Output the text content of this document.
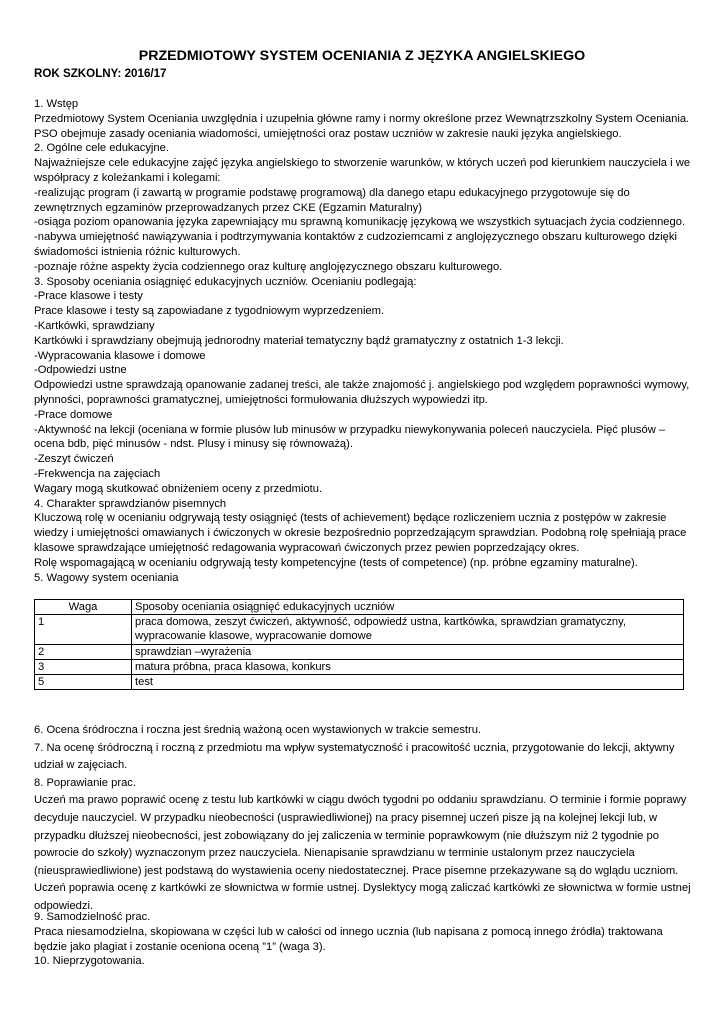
PRZEDMIOTOWY SYSTEM OCENIANIA Z JĘZYKA ANGIELSKIEGO
ROK SZKOLNY: 2016/17

1. Wstęp

Przedmiotowy System Oceniania uwzględnia i uzupełnia główne ramy i normy określone przez Wewnątrzszkolny System Oceniania. PSO obejmuje zasady oceniania wiadomości, umiejętności oraz postaw uczniów w zakresie nauki języka angielskiego.

2. Ogólne cele edukacyjne.

Najważniejsze cele edukacyjne zajęć języka angielskiego to stworzenie warunków, w których uczeń pod kierunkiem nauczyciela i we współpracy z koleżankami i kolegami:

-realizując program (i zawartą w programie podstawę programową) dla danego etapu edukacyjnego przygotowuje się do zewnętrznych egzaminów przeprowadzanych przez CKE (Egzamin Maturalny)

-osiąga poziom opanowania języka zapewniający mu sprawną komunikację językową we wszystkich sytuacjach życia codziennego.

-nabywa umiejętność nawiązywania i podtrzymywania kontaktów z cudzoziemcami z anglojęzycznego obszaru kulturowego dzięki świadomości istnienia różnic kulturowych.

-poznaje różne aspekty życia codziennego oraz kulturę anglojęzycznego obszaru kulturowego.

3. Sposoby oceniania osiągnięć edukacyjnych uczniów. Ocenianiu podlegają:

-Prace klasowe i testy

Prace klasowe i testy są zapowiadane z tygodniowym wyprzedzeniem.

-Kartkówki, sprawdziany

Kartkówki i sprawdziany obejmują jednorodny materiał tematyczny bądź gramatyczny z ostatnich 1-3 lekcji.

-Wypracowania klasowe i domowe

-Odpowiedzi ustne

Odpowiedzi ustne sprawdzają opanowanie zadanej treści, ale także znajomość j. angielskiego pod względem poprawności wymowy, płynności, poprawności gramatycznej, umiejętności formułowania dłuższych wypowiedzi itp.

-Prace domowe

-Aktywność na lekcji (oceniana w formie plusów lub minusów w przypadku niewykonywania poleceń nauczyciela. Pięć plusów – ocena bdb, pięć minusów - ndst. Plusy i minusy się równoważą).

-Zeszyt ćwiczeń

-Frekwencja na zajęciach

Wagary mogą skutkować obniżeniem oceny z przedmiotu.

4. Charakter sprawdzianów pisemnych

Kluczową rolę w ocenianiu odgrywają testy osiągnięć (tests of achievement) będące rozliczeniem ucznia z postępów w zakresie wiedzy i umiejętności omawianych i ćwiczonych w okresie bezpośrednio poprzedzającym sprawdzian. Podobną rolę spełniają prace klasowe sprawdzające umiejętność redagowania wypracowań ćwiczonych przez pewien poprzedzający okres.

Rolę wspomagającą w ocenianiu odgrywają testy kompetencyjne (tests of competence) (np. próbne egzaminy maturalne).

5. Wagowy system oceniania

Waga	Sposoby oceniania osiągnięć edukacyjnych uczniów
1	praca domowa, zeszyt ćwiczeń, aktywność, odpowiedź ustna, kartkówka, sprawdzian gramatyczny, wypracowanie klasowe, wypracowanie domowe
2	sprawdzian –wyrażenia
3	matura próbna, praca klasowa, konkurs
5	test

6. Ocena śródroczna i roczna jest średnią ważoną ocen wystawionych w trakcie semestru.

7. Na ocenę śródroczną i roczną z przedmiotu ma wpływ systematyczność i pracowitość ucznia, przygotowanie do lekcji, aktywny udział w zajęciach.

8. Poprawianie prac.

Uczeń ma prawo poprawić ocenę z testu lub kartkówki w ciągu dwóch tygodni po oddaniu sprawdzianu. O terminie i formie poprawy decyduje nauczyciel. W przypadku nieobecności (usprawiedliwionej) na pracy pisemnej uczeń pisze ją na kolejnej lekcji lub, w przypadku dłuższej nieobecności, jest zobowiązany do jej zaliczenia w terminie poprawkowym (nie dłuższym niż 2 tygodnie po powrocie do szkoły) wyznaczonym przez nauczyciela. Nienapisanie sprawdzianu w terminie ustalonym przez nauczyciela (nieusprawiedliwione) jest podstawą do wystawienia oceny niedostatecznej. Prace pisemne przekazywane są do wglądu uczniom. Uczeń poprawia ocenę z kartkówki ze słownictwa w formie ustnej. Dyslektycy mogą zaliczać kartkówki ze słownictwa w formie ustnej odpowiedzi.

9. Samodzielność prac.

Praca niesamodzielna, skopiowana w części lub w całości od innego ucznia (lub napisana z pomocą innego źródła) traktowana będzie jako plagiat i zostanie oceniona oceną ”1” (waga 3).

10. Nieprzygotowania.
